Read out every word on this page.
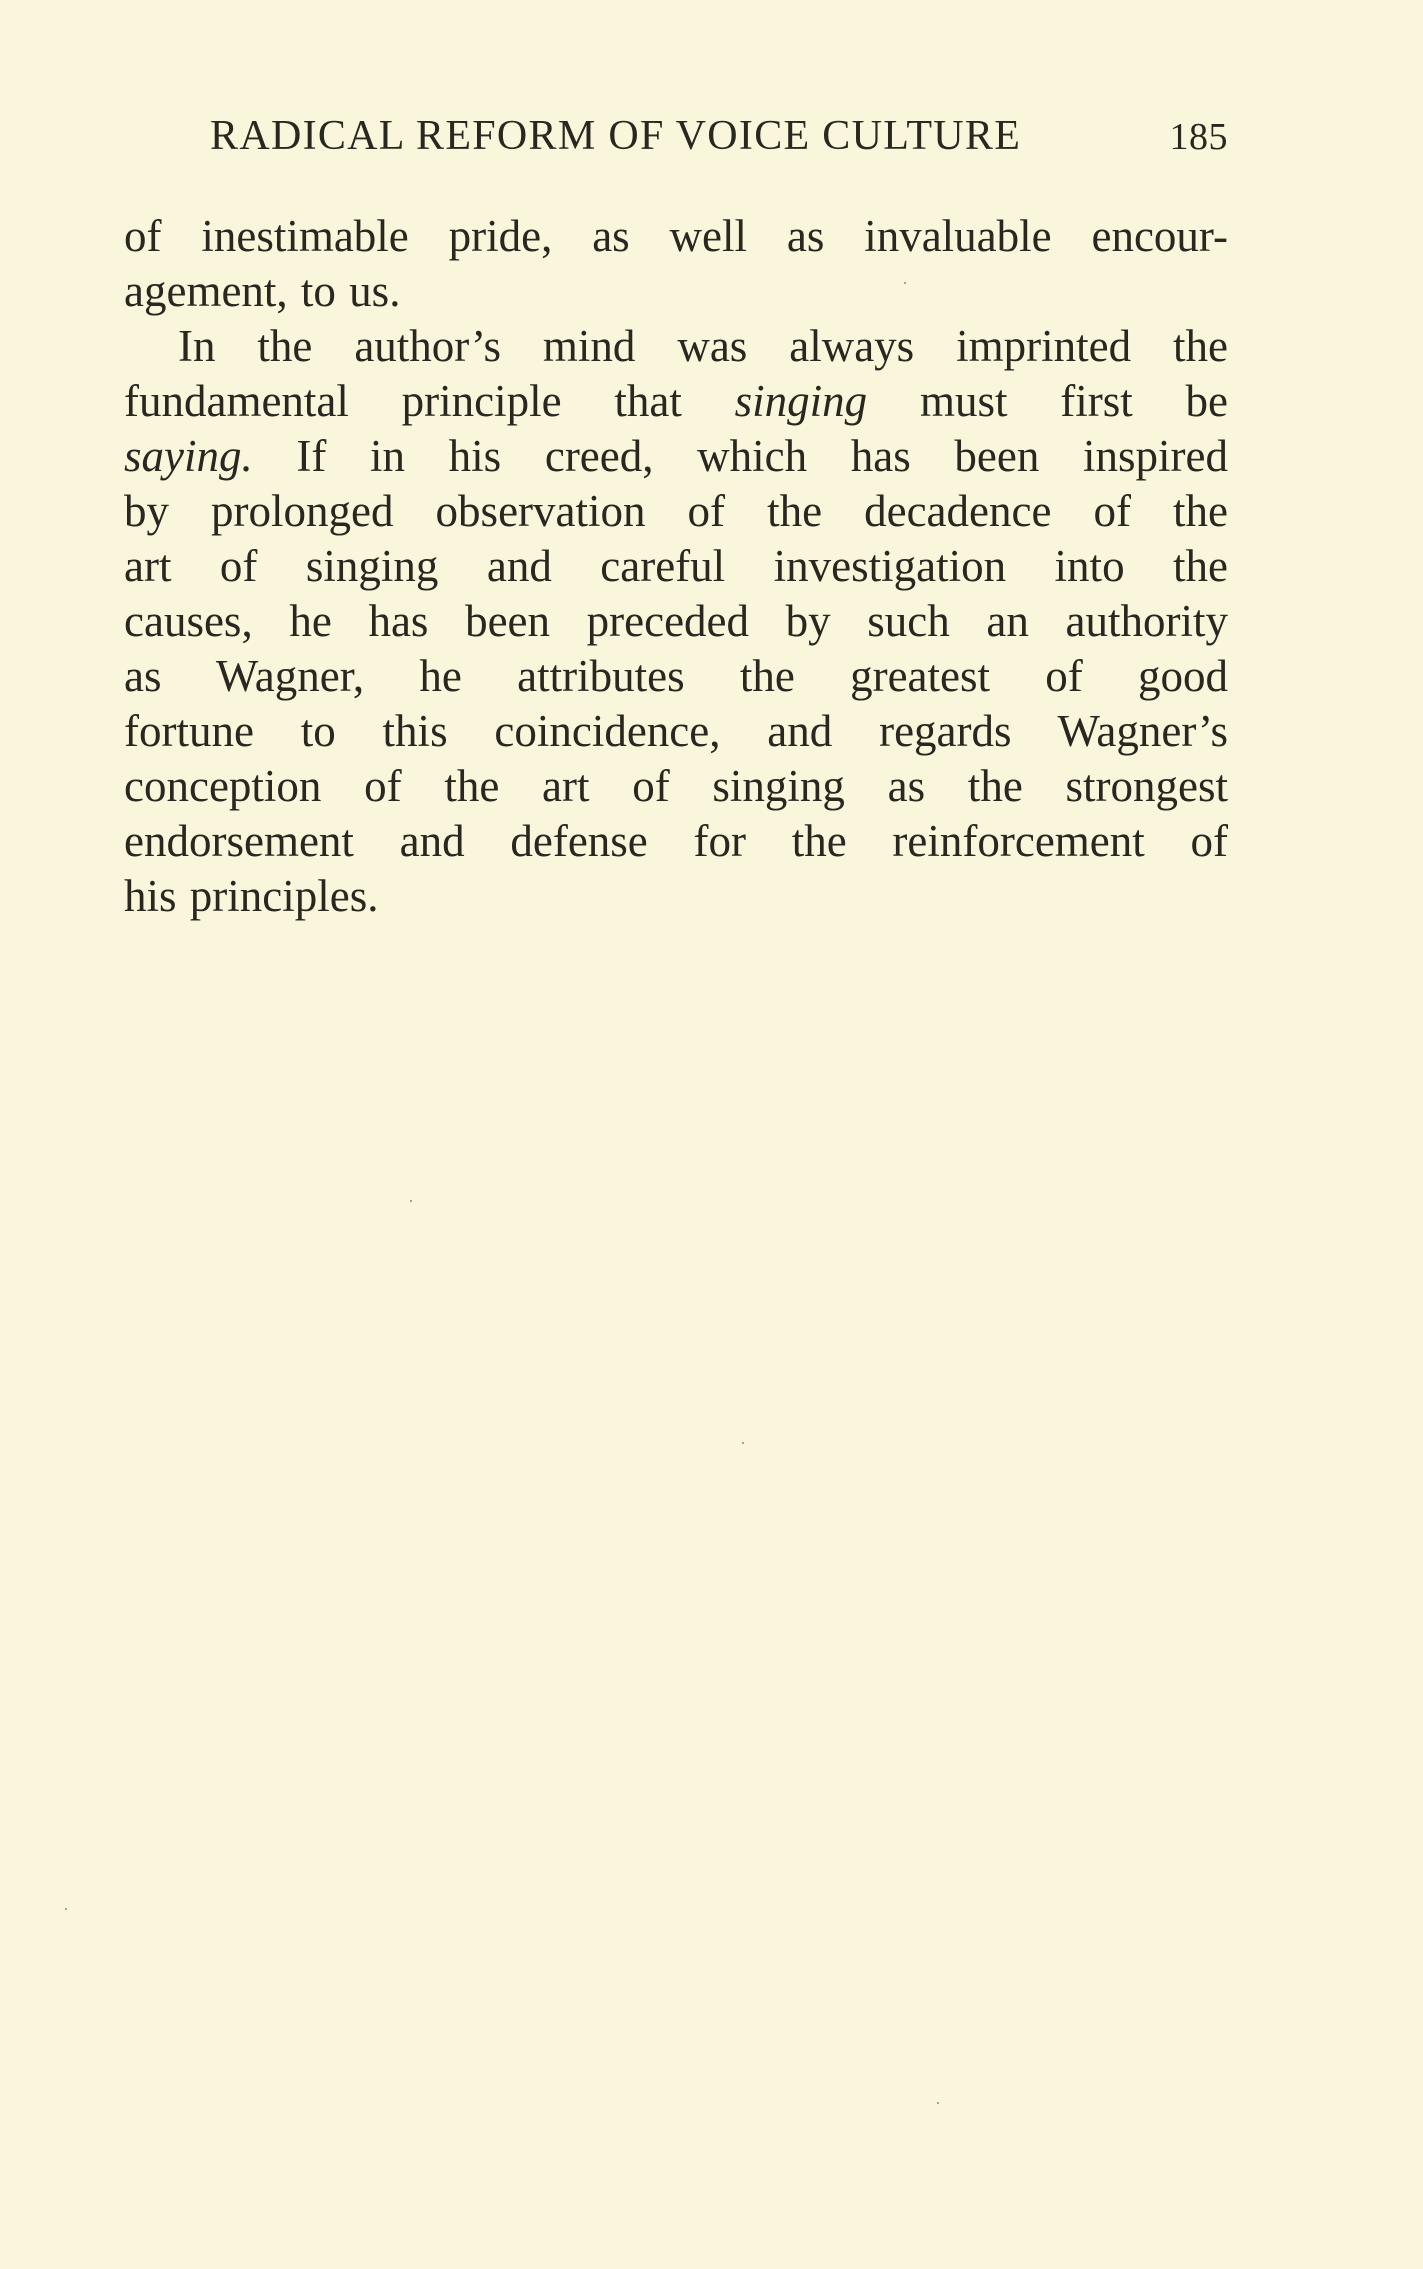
RADICAL REFORM OF VOICE CULTURE	185
of inestimable pride, as well as invaluable encour-
agement, to us.
In the author’s mind was always imprinted the
fundamental principle that singing must first be
saying. If in his creed, which has been inspired
by prolonged observation of the decadence of the
art of singing and careful investigation into the
causes, he has been preceded by such an authority
as Wagner, he attributes the greatest of good
fortune to this coincidence, and regards Wagner’s
conception of the art of singing as the strongest
endorsement and defense for the reinforcement of
his principles.
